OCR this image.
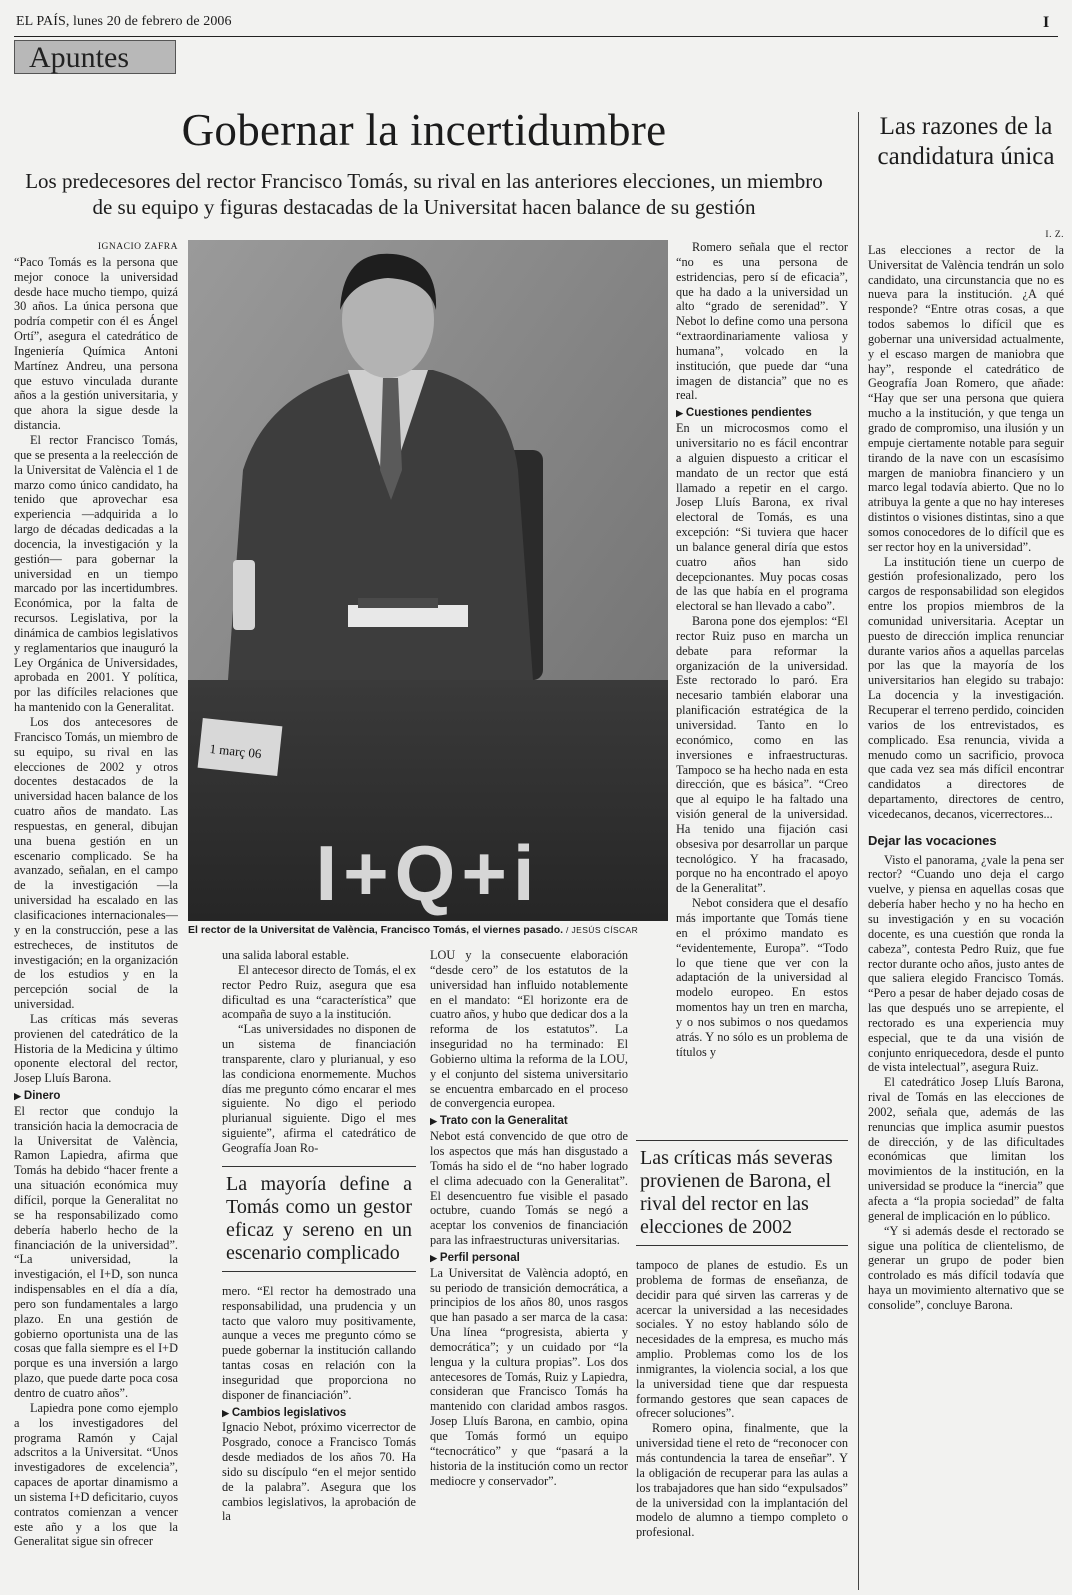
EL PAÍS, lunes 20 de febrero de 2006	I
Apuntes
Gobernar la incertidumbre
Los predecesores del rector Francisco Tomás, su rival en las anteriores elecciones, un miembro de su equipo y figuras destacadas de la Universitat hacen balance de su gestión
IGNACIO ZAFRA

“Paco Tomás es la persona que mejor conoce la universidad desde hace mucho tiempo, quizá 30 años. La única persona que podría competir con él es Ángel Ortí”, asegura el catedrático de Ingeniería Química Antoni Martínez Andreu, una persona que estuvo vinculada durante años a la gestión universitaria, y que ahora la sigue desde la distancia.

El rector Francisco Tomás, que se presenta a la reelección de la Universitat de València el 1 de marzo como único candidato, ha tenido que aprovechar esa experiencia —adquirida a lo largo de décadas dedicadas a la docencia, la investigación y la gestión— para gobernar la universidad en un tiempo marcado por las incertidumbres. Económica, por la falta de recursos. Legislativa, por la dinámica de cambios legislativos y reglamentarios que inauguró la Ley Orgánica de Universidades, aprobada en 2001. Y política, por las difíciles relaciones que ha mantenido con la Generalitat.

Los dos antecesores de Francisco Tomás, un miembro de su equipo, su rival en las elecciones de 2002 y otros docentes destacados de la universidad hacen balance de los cuatro años de mandato. Las respuestas, en general, dibujan una buena gestión en un escenario complicado. Se ha avanzado, señalan, en el campo de la investigación —la universidad ha escalado en las clasificaciones internacionales— y en la construcción, pese a las estrecheces, de institutos de investigación; en la organización de los estudios y en la percepción social de la universidad.

Las críticas más severas provienen del catedrático de la Historia de la Medicina y último oponente electoral del rector, Josep Lluís Barona.

▶ Dinero

El rector que condujo la transición hacia la democracia de la Universitat de València, Ramon Lapiedra, afirma que Tomás ha debido “hacer frente a una situación económica muy difícil, porque la Generalitat no se ha responsabilizado como debería haberlo hecho de la financiación de la universidad”. “La universidad, la investigación, el I+D, son nunca indispensables en el día a día, pero son fundamentales a largo plazo. En una gestión de gobierno oportunista una de las cosas que falla siempre es el I+D porque es una inversión a largo plazo, que puede darte poca cosa dentro de cuatro años”.

Lapiedra pone como ejemplo a los investigadores del programa Ramón y Cajal adscritos a la Universitat. “Unos investigadores de excelencia”, capaces de aportar dinamismo a un sistema I+D deficitario, cuyos contratos comienzan a vencer este año y a los que la Generalitat sigue sin ofrecer

1 març 06
I+Q+i
El rector de la Universitat de València, Francisco Tomás, el viernes pasado. / JESÚS CÍSCAR

una salida laboral estable.

El antecesor directo de Tomás, el ex rector Pedro Ruiz, asegura que esa dificultad es una “característica” que acompaña de suyo a la institución.

“Las universidades no disponen de un sistema de financiación transparente, claro y plurianual, y eso las condiciona enormemente. Muchos días me pregunto cómo encarar el mes siguiente. No digo el periodo plurianual siguiente. Digo el mes siguiente”, afirma el catedrático de Geografía Joan Ro-

La mayoría define a Tomás como un gestor eficaz y sereno en un escenario complicado

mero. “El rector ha demostrado una responsabilidad, una prudencia y un tacto que valoro muy positivamente, aunque a veces me pregunto cómo se puede gobernar la institución callando tantas cosas en relación con la inseguridad que proporciona no disponer de financiación”.

▶ Cambios legislativos

Ignacio Nebot, próximo vicerrector de Posgrado, conoce a Francisco Tomás desde mediados de los años 70. Ha sido su discípulo “en el mejor sentido de la palabra”. Asegura que los cambios legislativos, la aprobación de la

LOU y la consecuente elaboración “desde cero” de los estatutos de la universidad han influido notablemente en el mandato: “El horizonte era de cuatro años, y hubo que dedicar dos a la reforma de los estatutos”. La inseguridad no ha terminado: El Gobierno ultima la reforma de la LOU, y el conjunto del sistema universitario se encuentra embarcado en el proceso de convergencia europea.

▶ Trato con la Generalitat

Nebot está convencido de que otro de los aspectos que más han disgustado a Tomás ha sido el de “no haber logrado el clima adecuado con la Generalitat”. El desencuentro fue visible el pasado octubre, cuando Tomás se negó a aceptar los convenios de financiación para las infraestructuras universitarias.

▶ Perfil personal

La Universitat de València adoptó, en su periodo de transición democrática, a principios de los años 80, unos rasgos que han pasado a ser marca de la casa: Una línea “progresista, abierta y democrática”; y un cuidado por “la lengua y la cultura propias”. Los dos antecesores de Tomás, Ruiz y Lapiedra, consideran que Francisco Tomás ha mantenido con claridad ambos rasgos. Josep Lluís Barona, en cambio, opina que Tomás formó un equipo “tecnocrático” y que “pasará a la historia de la institución como un rector mediocre y conservador”.

Romero señala que el rector “no es una persona de estridencias, pero sí de eficacia”, que ha dado a la universidad un alto “grado de serenidad”. Y Nebot lo define como una persona “extraordinariamente valiosa y humana”, volcado en la institución, que puede dar “una imagen de distancia” que no es real.

▶ Cuestiones pendientes

En un microcosmos como el universitario no es fácil encontrar a alguien dispuesto a criticar el mandato de un rector que está llamado a repetir en el cargo. Josep Lluís Barona, ex rival electoral de Tomás, es una excepción: “Si tuviera que hacer un balance general diría que estos cuatro años han sido decepcionantes. Muy pocas cosas de las que había en el programa electoral se han llevado a cabo”.

Barona pone dos ejemplos: “El rector Ruiz puso en marcha un debate para reformar la organización de la universidad. Este rectorado lo paró. Era necesario también elaborar una planificación estratégica de la universidad. Tanto en lo económico, como en las inversiones e infraestructuras. Tampoco se ha hecho nada en esta dirección, que es básica”. “Creo que al equipo le ha faltado una visión general de la universidad. Ha tenido una fijación casi obsesiva por desarrollar un parque tecnológico. Y ha fracasado, porque no ha encontrado el apoyo de la Generalitat”.

Nebot considera que el desafío más importante que Tomás tiene en el próximo mandato es “evidentemente, Europa”. “Todo lo que tiene que ver con la adaptación de la universidad al modelo europeo. En estos momentos hay un tren en marcha, y o nos subimos o nos quedamos atrás. Y no sólo es un problema de títulos y

Las críticas más severas provienen de Barona, el rival del rector en las elecciones de 2002

tampoco de planes de estudio. Es un problema de formas de enseñanza, de decidir para qué sirven las carreras y de acercar la universidad a las necesidades sociales. Y no estoy hablando sólo de necesidades de la empresa, es mucho más amplio. Problemas como los de los inmigrantes, la violencia social, a los que la universidad tiene que dar respuesta formando gestores que sean capaces de ofrecer soluciones”.

Romero opina, finalmente, que la universidad tiene el reto de “reconocer con más contundencia la tarea de enseñar”. Y la obligación de recuperar para las aulas a los trabajadores que han sido “expulsados” de la universidad con la implantación del modelo de alumno a tiempo completo o profesional.

Las razones de la candidatura única
I. Z.

Las elecciones a rector de la Universitat de València tendrán un solo candidato, una circunstancia que no es nueva para la institución. ¿A qué responde? “Entre otras cosas, a que todos sabemos lo difícil que es gobernar una universidad actualmente, y el escaso margen de maniobra que hay”, responde el catedrático de Geografía Joan Romero, que añade: “Hay que ser una persona que quiera mucho a la institución, y que tenga un grado de compromiso, una ilusión y un empuje ciertamente notable para seguir tirando de la nave con un escasísimo margen de maniobra financiero y un marco legal todavía abierto. Que no lo atribuya la gente a que no hay intereses distintos o visiones distintas, sino a que somos conocedores de lo difícil que es ser rector hoy en la universidad”.

La institución tiene un cuerpo de gestión profesionalizado, pero los cargos de responsabilidad son elegidos entre los propios miembros de la comunidad universitaria. Aceptar un puesto de dirección implica renunciar durante varios años a aquellas parcelas por las que la mayoría de los universitarios han elegido su trabajo: La docencia y la investigación. Recuperar el terreno perdido, coinciden varios de los entrevistados, es complicado. Esa renuncia, vivida a menudo como un sacrificio, provoca que cada vez sea más difícil encontrar candidatos a directores de departamento, directores de centro, vicedecanos, decanos, vicerrectores...

Dejar las vocaciones

Visto el panorama, ¿vale la pena ser rector? “Cuando uno deja el cargo vuelve, y piensa en aquellas cosas que debería haber hecho y no ha hecho en su investigación y en su vocación docente, es una cuestión que ronda la cabeza”, contesta Pedro Ruiz, que fue rector durante ocho años, justo antes de que saliera elegido Francisco Tomás. “Pero a pesar de haber dejado cosas de las que después uno se arrepiente, el rectorado es una experiencia muy especial, que te da una visión de conjunto enriquecedora, desde el punto de vista intelectual”, asegura Ruiz.

El catedrático Josep Lluís Barona, rival de Tomás en las elecciones de 2002, señala que, además de las renuncias que implica asumir puestos de dirección, y de las dificultades económicas que limitan los movimientos de la institución, en la universidad se produce la “inercia” que afecta a “la propia sociedad” de falta general de implicación en lo público.

“Y si además desde el rectorado se sigue una política de clientelismo, de generar un grupo de poder bien controlado es más difícil todavía que haya un movimiento alternativo que se consolide”, concluye Barona.
